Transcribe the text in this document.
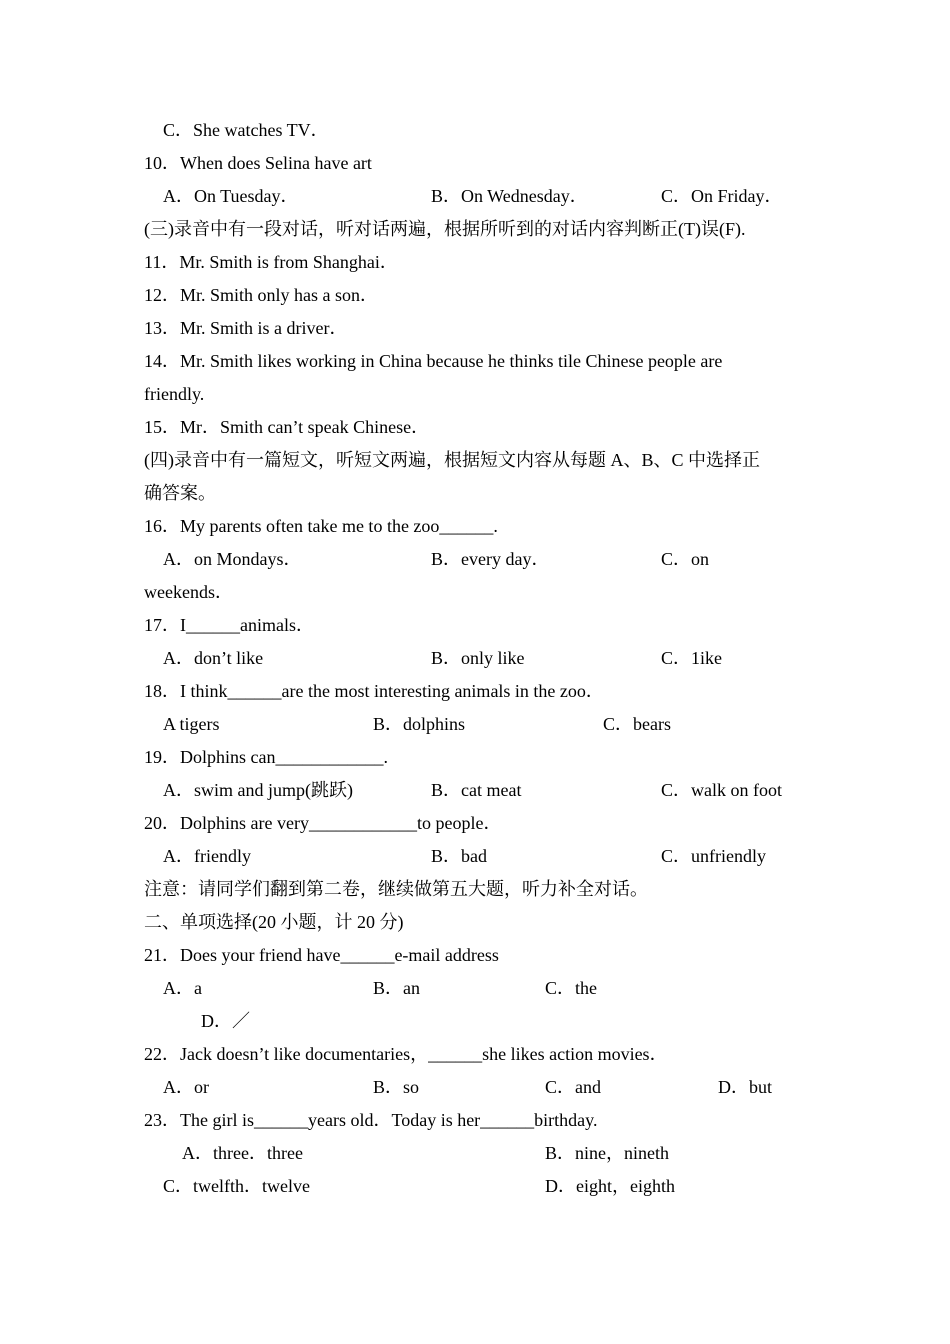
C．She watches TV．
10．When does Selina have art
A．On Tuesday．	B．On Wednesday．	C．On Friday．
(三)录音中有一段对话，听对话两遍，根据所听到的对话内容判断正(T)误(F).
11．Mr. Smith is from Shanghai．
12．Mr. Smith only has a son．
13．Mr. Smith is a driver．
14．Mr. Smith likes working in China because he thinks tile Chinese people are
friendly.
15．Mr．Smith can’t speak Chinese．
(四)录音中有一篇短文，听短文两遍，根据短文内容从每题 A、B、C 中选择正
确答案。
16．My parents often take me to the zoo______.
A．on Mondays．	B．every day．	C．on
weekends．
17．I______animals．
A．don’t like	B．only like	C．1ike
18．I think______are the most interesting animals in the zoo．
A tigers	B．dolphins	C．bears
19．Dolphins can____________.
A．swim and jump(跳跃)	B．cat meat	C．walk on foot
20．Dolphins are very____________to people．
A．friendly	B．bad	C．unfriendly
注意：请同学们翻到第二卷，继续做第五大题，听力补全对话。
二、单项选择(20 小题，计 20 分)
21．Does your friend have______e-mail address
A．a	B．an	C．the
D．／
22．Jack doesn’t like documentaries，______she likes action movies．
A．or	B．so	C．and	D．but
23．The girl is______years old．Today is her______birthday.
A．three．three	B．nine，nineth
C．twelfth．twelve	D．eight，eighth
